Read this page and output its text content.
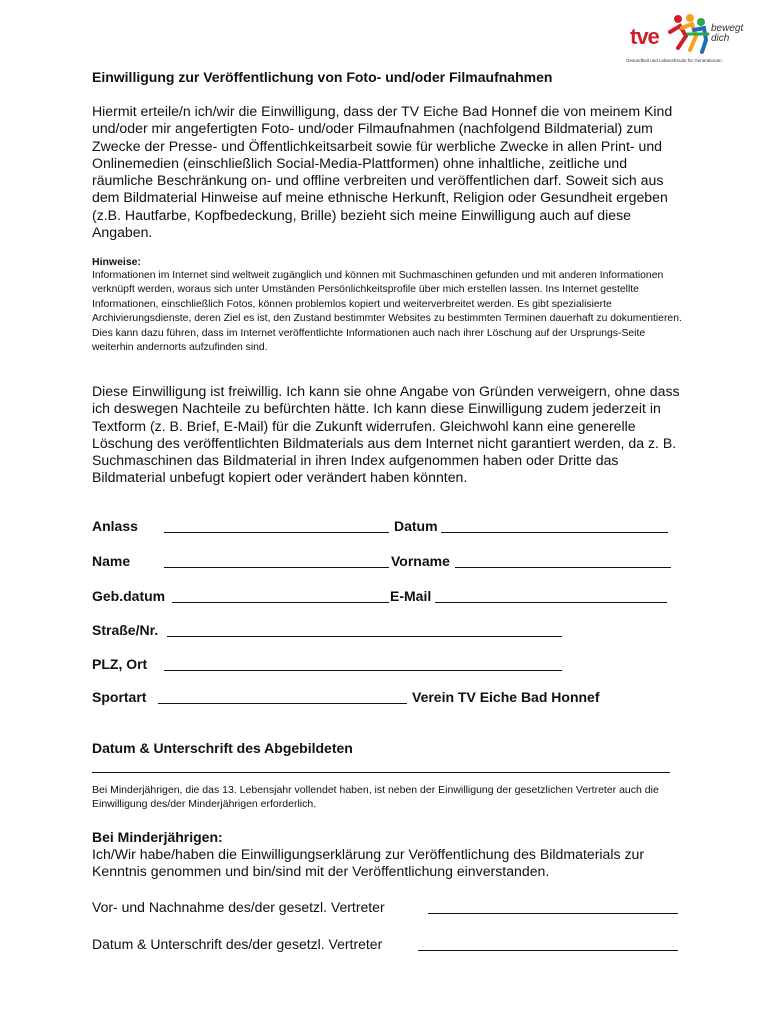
tve	bewegt
dich
Gesundheit und Lebensfreude für Generationen
Einwilligung zur Veröffentlichung von Foto- und/oder Filmaufnahmen

Hiermit erteile/n ich/wir die Einwilligung, dass der TV Eiche Bad Honnef die von meinem Kind und/oder mir angefertigten Foto- und/oder Filmaufnahmen (nachfolgend Bildmaterial) zum Zwecke der Presse- und Öffentlichkeitsarbeit sowie für werbliche Zwecke in allen Print- und Onlinemedien (einschließlich Social-Media-Plattformen) ohne inhaltliche, zeitliche und räumliche Beschränkung on- und offline verbreiten und veröffentlichen darf. Soweit sich aus dem Bildmaterial Hinweise auf meine ethnische Herkunft, Religion oder Gesundheit ergeben (z.B. Hautfarbe, Kopfbedeckung, Brille) bezieht sich meine Einwilligung auch auf diese Angaben.

Hinweise:

Informationen im Internet sind weltweit zugänglich und können mit Suchmaschinen gefunden und mit anderen Informationen verknüpft werden, woraus sich unter Umständen Persönlichkeitsprofile über mich erstellen lassen. Ins Internet gestellte Informationen, einschließlich Fotos, können problemlos kopiert und weiterverbreitet werden. Es gibt spezialisierte Archivierungsdienste, deren Ziel es ist, den Zustand bestimmter Websites zu bestimmten Terminen dauerhaft zu dokumentieren. Dies kann dazu führen, dass im Internet veröffentlichte Informationen auch nach ihrer Löschung auf der Ursprungs-Seite weiterhin andernorts aufzufinden sind.

Diese Einwilligung ist freiwillig. Ich kann sie ohne Angabe von Gründen verweigern, ohne dass ich deswegen Nachteile zu befürchten hätte. Ich kann diese Einwilligung zudem jederzeit in Textform (z. B. Brief, E-Mail) für die Zukunft widerrufen. Gleichwohl kann eine generelle Löschung des veröffentlichten Bildmaterials aus dem Internet nicht garantiert werden, da z. B. Suchmaschinen das Bildmaterial in ihren Index aufgenommen haben oder Dritte das Bildmaterial unbefugt kopiert oder verändert haben könnten.

Anlass	Datum
Name	Vorname
Geb.datum	E-Mail
Straße/Nr.
PLZ, Ort
Sportart	Verein TV Eiche Bad Honnef
Datum & Unterschrift des Abgebildeten

Bei Minderjährigen, die das 13. Lebensjahr vollendet haben, ist neben der Einwilligung der gesetzlichen Vertreter auch die Einwilligung des/der Minderjährigen erforderlich.

Bei Minderjährigen:

Ich/Wir habe/haben die Einwilligungserklärung zur Veröffentlichung des Bildmaterials zur Kenntnis genommen und bin/sind mit der Veröffentlichung einverstanden.

Vor- und Nachnahme des/der gesetzl. Vertreter
Datum & Unterschrift des/der gesetzl. Vertreter
